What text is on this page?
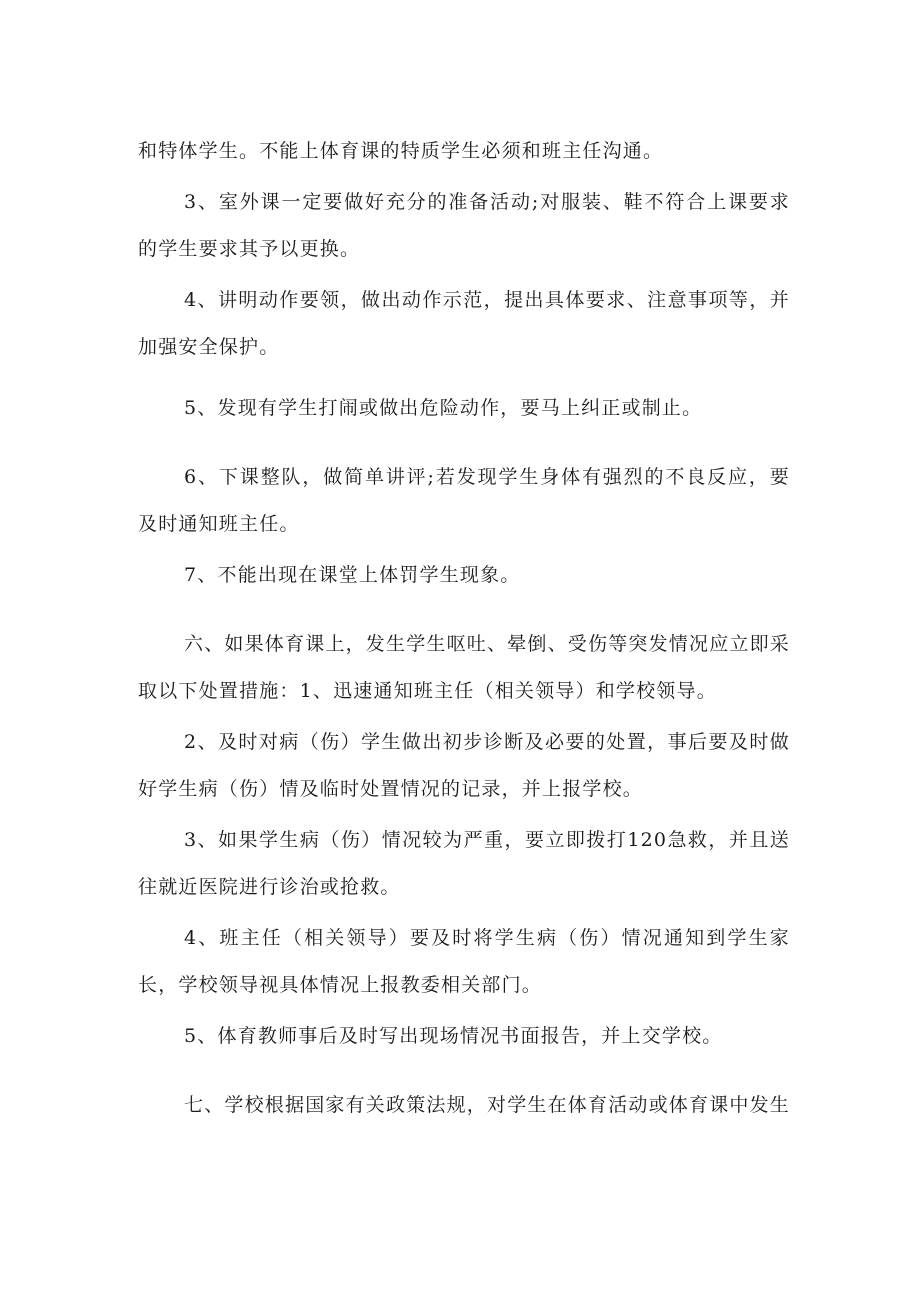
和特体学生。不能上体育课的特质学生必须和班主任沟通。

3、室外课一定要做好充分的准备活动;对服装、鞋不符合上课要求的学生要求其予以更换。

4、讲明动作要领，做出动作示范，提出具体要求、注意事项等，并加强安全保护。

5、发现有学生打闹或做出危险动作，要马上纠正或制止。

6、下课整队，做简单讲评;若发现学生身体有强烈的不良反应，要及时通知班主任。

7、不能出现在课堂上体罚学生现象。

六、如果体育课上，发生学生呕吐、晕倒、受伤等突发情况应立即采取以下处置措施：1、迅速通知班主任（相关领导）和学校领导。

2、及时对病（伤）学生做出初步诊断及必要的处置，事后要及时做好学生病（伤）情及临时处置情况的记录，并上报学校。

3、如果学生病（伤）情况较为严重，要立即拨打120急救，并且送往就近医院进行诊治或抢救。

4、班主任（相关领导）要及时将学生病（伤）情况通知到学生家长，学校领导视具体情况上报教委相关部门。

5、体育教师事后及时写出现场情况书面报告，并上交学校。

七、学校根据国家有关政策法规，对学生在体育活动或体育课中发生
